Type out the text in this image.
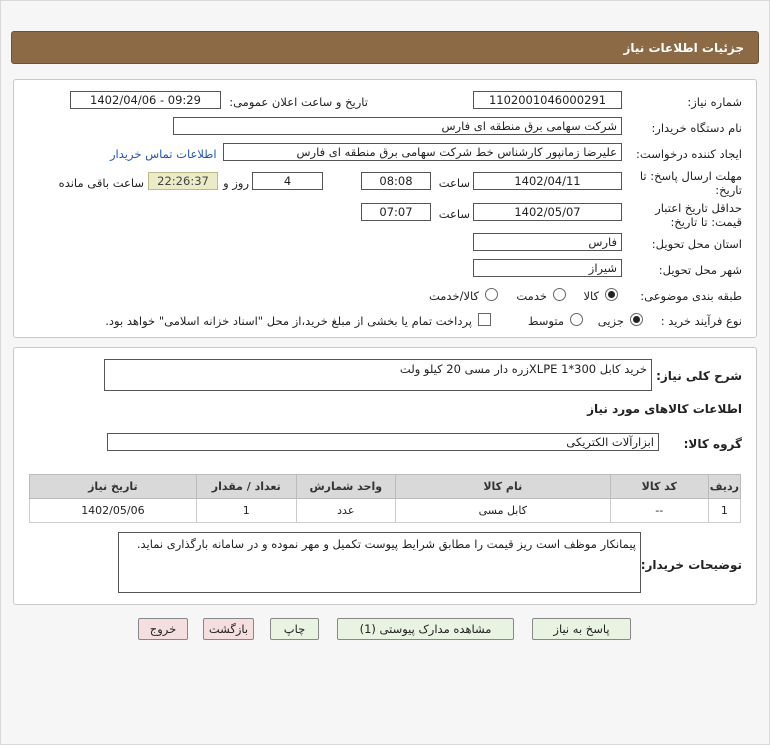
جزئیات اطلاعات نیاز
شماره نیاز:
1102001046000291
تاریخ و ساعت اعلان عمومی:
1402/04/06 - 09:29
نام دستگاه خریدار:
شرکت سهامی برق منطقه ای فارس
ایجاد کننده درخواست:
علیرضا زمانپور کارشناس خط شرکت سهامی برق منطقه ای فارس
اطلاعات تماس خریدار
مهلت ارسال پاسخ: تا
تاریخ:
1402/04/11
ساعت
08:08
4
روز و
22:26:37
ساعت باقی مانده
حداقل تاریخ اعتبار
قیمت: تا تاریخ:
1402/05/07
ساعت
07:07
استان محل تحویل:
فارس
شهر محل تحویل:
شیراز
طبقه بندی موضوعی:
کالا
خدمت
کالا/خدمت
نوع فرآیند خرید :
جزیی
متوسط
پرداخت تمام یا بخشی از مبلغ خرید،از محل "اسناد خزانه اسلامی" خواهد بود.
شرح کلی نیاز:
خرید کابل 300*1 XLPEزره دار مسی 20 کیلو ولت
اطلاعات کالاهای مورد نیاز
گروه کالا:
ابزارآلات الکتریکی
ردیف	کد کالا	نام کالا	واحد شمارش	تعداد / مقدار	تاریخ نیاز
1	--	کابل مسی	عدد	1	1402/05/06
توضیحات خریدار:
پیمانکار موظف است ریز قیمت را مطابق شرایط پیوست تکمیل و مهر نموده و در سامانه بارگذاری نماید.
پاسخ به نیاز
مشاهده مدارک پیوستی (1)
چاپ
بازگشت
خروج
